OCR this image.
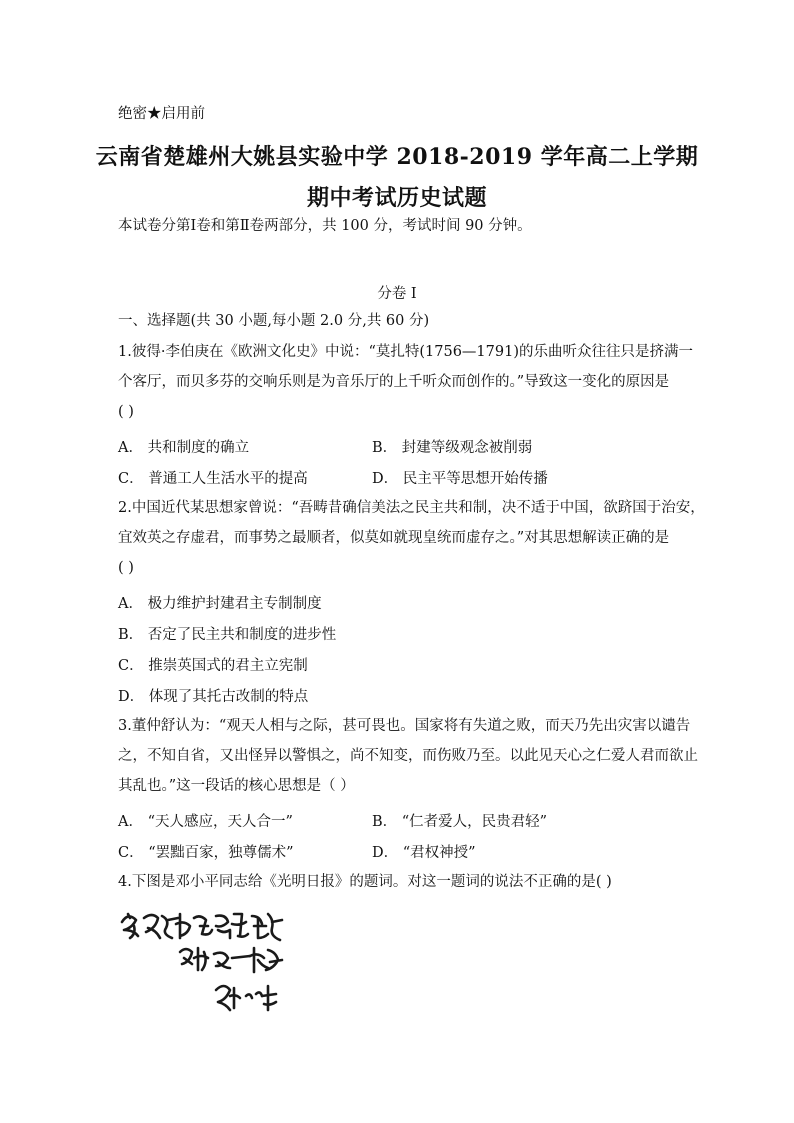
绝密★启用前
云南省楚雄州大姚县实验中学 2018-2019 学年高二上学期
期中考试历史试题
本试卷分第Ⅰ卷和第Ⅱ卷两部分，共 100 分，考试时间 90 分钟。
分卷 I
一、选择题(共 30 小题,每小题 2.0 分,共 60 分)
1.彼得·李伯庚在《欧洲文化史》中说：“莫扎特(1756—1791)的乐曲听众往往只是挤满一
个客厅，而贝多芬的交响乐则是为音乐厅的上千听众而创作的。”导致这一变化的原因是
( )
A． 共和制度的确立	B． 封建等级观念被削弱
C． 普通工人生活水平的提高	D． 民主平等思想开始传播
2.中国近代某思想家曾说：“吾畴昔确信美法之民主共和制，决不适于中国，欲跻国于治安，
宜效英之存虚君，而事势之最顺者，似莫如就现皇统而虚存之。”对其思想解读正确的是
( )
A． 极力维护封建君主专制制度
B． 否定了民主共和制度的进步性
C． 推崇英国式的君主立宪制
D． 体现了其托古改制的特点
3.董仲舒认为：“观天人相与之际，甚可畏也。国家将有失道之败，而天乃先出灾害以谴告
之，不知自省，又出怪异以警惧之，尚不知变，而伤败乃至。以此见天心之仁爱人君而欲止
其乱也。”这一段话的核心思想是（ ）
A． “天人感应，天人合一”	B． “仁者爱人，民贵君轻”
C． “罢黜百家，独尊儒术”	D． “君权神授”
4.下图是邓小平同志给《光明日报》的题词。对这一题词的说法不正确的是( )
